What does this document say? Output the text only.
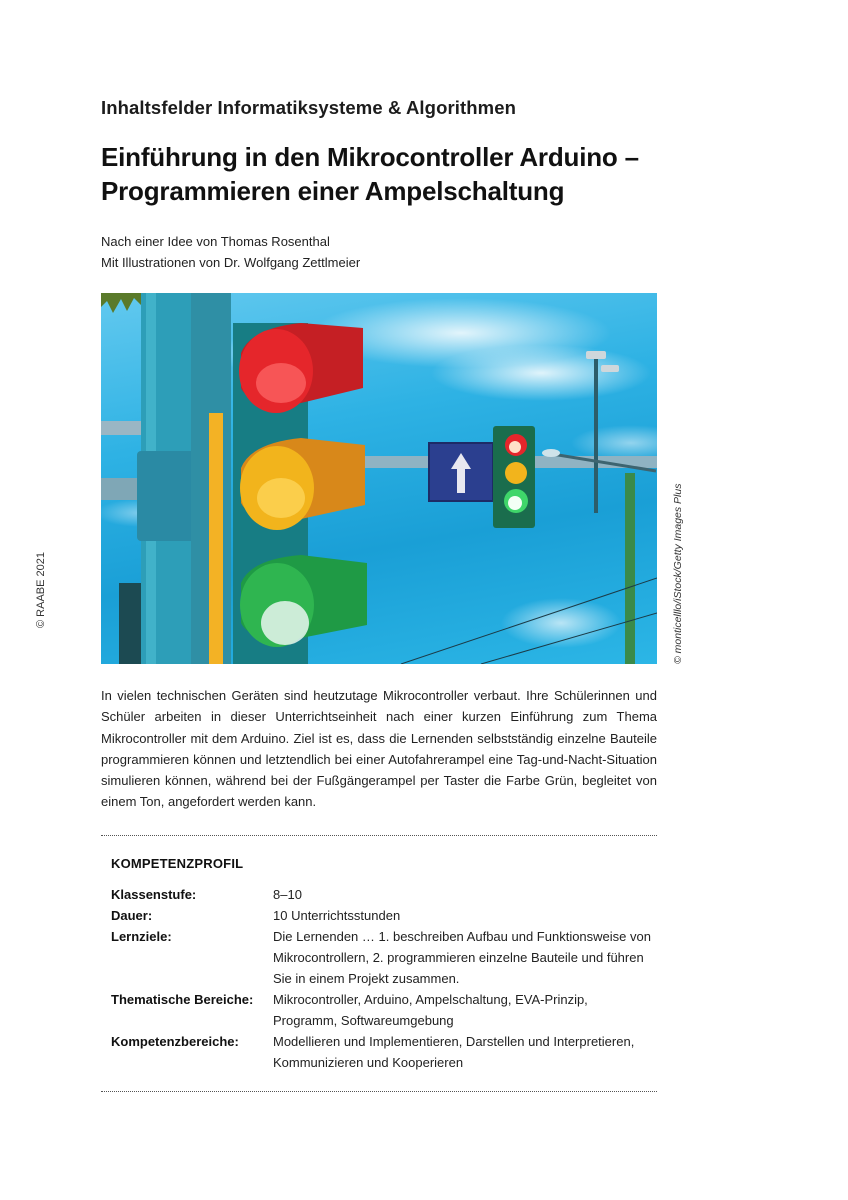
Inhaltsfelder Informatiksysteme & Algorithmen
Einführung in den Mikrocontroller Arduino –
Programmieren einer Ampelschaltung
Nach einer Idee von Thomas Rosenthal
Mit Illustrationen von Dr. Wolfgang Zettlmeier
© RAABE 2021	© monticelllo/iStock/Getty Images Plus
In vielen technischen Geräten sind heutzutage Mikrocontroller verbaut. Ihre Schülerinnen und Schüler arbeiten in dieser Unterrichtseinheit nach einer kurzen Einführung zum Thema Mikrocontroller mit dem Arduino. Ziel ist es, dass die Lernenden selbstständig einzelne Bauteile programmieren können und letztendlich bei einer Autofahrerampel eine Tag-und-Nacht-Situation simulieren können, während bei der Fußgängerampel per Taster die Farbe Grün, begleitet von einem Ton, angefordert werden kann.
KOMPETENZPROFIL
Klassenstufe:	8–10
Dauer:	10 Unterrichtsstunden
Lernziele:	Die Lernenden … 1. beschreiben Aufbau und Funktionsweise von Mikrocontrollern, 2. programmieren einzelne Bauteile und führen Sie in einem Projekt zusammen.
Thematische Bereiche:	Mikrocontroller, Arduino, Ampelschaltung, EVA-Prinzip, Programm, Softwareumgebung
Kompetenzbereiche:	Modellieren und Implementieren, Darstellen und Interpretieren, Kommunizieren und Kooperieren
